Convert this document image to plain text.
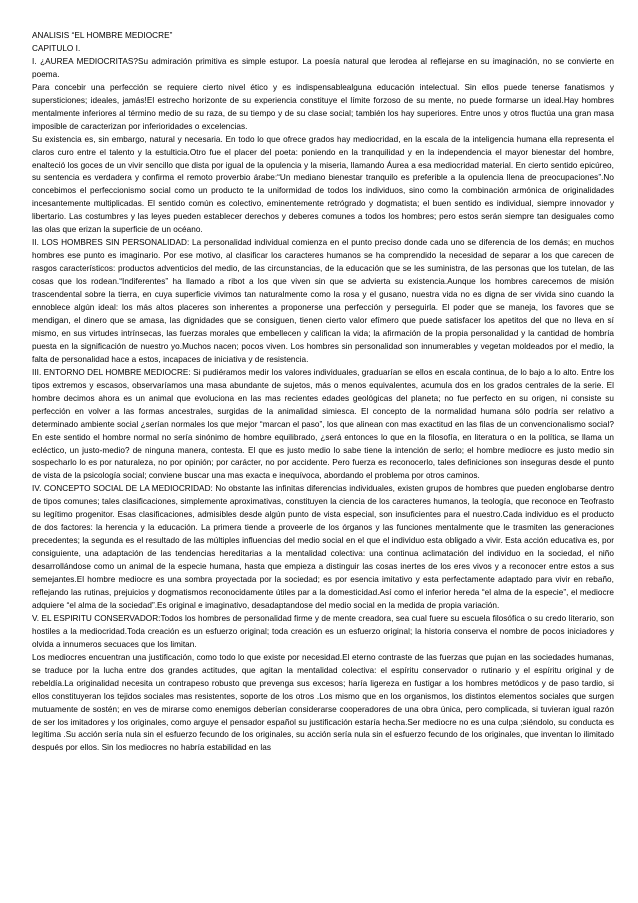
ANALISIS “EL HOMBRE MEDIOCRE”

CAPITULO I.

I. ¿AUREA MEDIOCRITAS?Su admiración primitiva es simple estupor. La poesía natural que lerodea al reflejarse en su imaginación, no se convierte en poema.

Para concebir una perfección se requiere cierto nivel ético y es indispensablealguna educación intelectual. Sin ellos puede tenerse fanatismos y supersticiones; ideales, jamás!El estrecho horizonte de su experiencia constituye el límite forzoso de su mente, no puede formarse un ideal.Hay hombres mentalmente inferiores al término medio de su raza, de su tiempo y de su clase social; también los hay superiores. Entre unos y otros fluctúa una gran masa imposible de caracterizan por inferioridades o excelencias.

Su existencia es, sin embargo, natural y necesaria. En todo lo que ofrece grados hay mediocridad, en la escala de la inteligencia humana ella representa el claros curo entre el talento y la estulticia.Otro fue el placer del poeta: poniendo en la tranquilidad y en la independencia el mayor bienestar del hombre, enalteció los goces de un vivir sencillo que dista por igual de la opulencia y la miseria, llamando Áurea a esa mediocridad material. En cierto sentido epicúreo, su sentencia es verdadera y confirma el remoto proverbio árabe:“Un mediano bienestar tranquilo es preferible a la opulencia llena de preocupaciones”.No concebimos el perfeccionismo social como un producto te la uniformidad de todos los individuos, sino como la combinación armónica de originalidades incesantemente multiplicadas. El sentido común es colectivo, eminentemente retrógrado y dogmatista; el buen sentido es individual, siempre innovador y libertario. Las costumbres y las leyes pueden establecer derechos y deberes comunes a todos los hombres; pero estos serán siempre tan desiguales como las olas que erizan la superficie de un océano.

II. LOS HOMBRES SIN PERSONALIDAD: La personalidad individual comienza en el punto preciso donde cada uno se diferencia de los demás; en muchos hombres ese punto es imaginario. Por ese motivo, al clasificar los caracteres humanos se ha comprendido la necesidad de separar a los que carecen de rasgos característicos: productos adventicios del medio, de las circunstancias, de la educación que se les suministra, de las personas que los tutelan, de las cosas que los rodean.“Indiferentes” ha llamado a ribot a los que viven sin que se advierta su existencia.Aunque los hombres carecemos de misión trascendental sobre la tierra, en cuya superficie vivimos tan naturalmente como la rosa y el gusano, nuestra vida no es digna de ser vivida sino cuando la ennoblece algún ideal: los más altos placeres son inherentes a proponerse una perfección y perseguirla. El poder que se maneja, los favores que se mendigan, el dinero que se amasa, las dignidades que se consiguen, tienen cierto valor efímero que puede satisfacer los apetitos del que no lleva en sí mismo, en sus virtudes intrínsecas, las fuerzas morales que embellecen y califican la vida; la afirmación de la propia personalidad y la cantidad de hombría puesta en la significación de nuestro yo.Muchos nacen; pocos viven. Los hombres sin personalidad son innumerables y vegetan moldeados por el medio, la falta de personalidad hace a estos, incapaces de iniciativa y de resistencia.

III. ENTORNO DEL HOMBRE MEDIOCRE: Si pudiéramos medir los valores individuales, graduarían se ellos en escala continua, de lo bajo a lo alto. Entre los tipos extremos y escasos, observaríamos una masa abundante de sujetos, más o menos equivalentes, acumula dos en los grados centrales de la serie. El hombre decimos ahora es un animal que evoluciona en las mas recientes edades geológicas del planeta; no fue perfecto en su origen, ni consiste su perfección en volver a las formas ancestrales, surgidas de la animalidad simiesca. El concepto de la normalidad humana sólo podría ser relativo a determinado ambiente social ¿serían normales los que mejor “marcan el paso”, los que alinean con mas exactitud en las filas de un convencionalismo social? En este sentido el hombre normal no sería sinónimo de hombre equilibrado, ¿será entonces lo que en la filosofía, en literatura o en la política, se llama un ecléctico, un justo-medio? de ninguna manera, contesta. El que es justo medio lo sabe tiene la intención de serlo; el hombre mediocre es justo medio sin sospecharlo lo es por naturaleza, no por opinión; por carácter, no por accidente. Pero fuerza es reconocerlo, tales definiciones son inseguras desde el punto de vista de la psicología social; conviene buscar una mas exacta e inequívoca, abordando el problema por otros caminos.

IV. CONCEPTO SOCIAL DE LA MEDIOCRIDAD: No obstante las infinitas diferencias individuales, existen grupos de hombres que pueden englobarse dentro de tipos comunes; tales clasificaciones, simplemente aproximativas, constituyen la ciencia de los caracteres humanos, la teología, que reconoce en Teofrasto su legítimo progenitor. Esas clasificaciones, admisibles desde algún punto de vista especial, son insuficientes para el nuestro.Cada individuo es el producto de dos factores: la herencia y la educación. La primera tiende a proveerle de los órganos y las funciones mentalmente que le trasmiten las generaciones precedentes; la segunda es el resultado de las múltiples influencias del medio social en el que el individuo esta obligado a vivir. Esta acción educativa es, por consiguiente, una adaptación de las tendencias hereditarias a la mentalidad colectiva: una continua aclimatación del individuo en la sociedad, el niño desarrollándose como un animal de la especie humana, hasta que empieza a distinguir las cosas inertes de los eres vivos y a reconocer entre estos a sus semejantes.El hombre mediocre es una sombra proyectada por la sociedad; es por esencia imitativo y esta perfectamente adaptado para vivir en rebaño, reflejando las rutinas, prejuicios y dogmatismos reconocidamente útiles par a la domesticidad.Así como el inferior hereda “el alma de la especie”, el mediocre adquiere “el alma de la sociedad”.Es original e imaginativo, desadaptandose del medio social en la medida de propia variación.

V. EL ESPIRITU CONSERVADOR:Todos los hombres de personalidad firme y de mente creadora, sea cual fuere su escuela filosófica o su credo literario, son hostiles a la mediocridad.Toda creación es un esfuerzo original; toda creación es un esfuerzo original; la historia conserva el nombre de pocos iniciadores y olvida a innumeros secuaces que los limitan.

Los mediocres encuentran una justificación, como todo lo que existe por necesidad.El eterno contraste de las fuerzas que pujan en las sociedades humanas, se traduce por la lucha entre dos grandes actitudes, que agitan la mentalidad colectiva: el espíritu conservador o rutinario y el espíritu original y de rebeldía.La originalidad necesita un contrapeso robusto que prevenga sus excesos; haría ligereza en fustigar a los hombres metódicos y de paso tardio, si ellos constituyeran los tejidos sociales mas resistentes, soporte de los otros .Los mismo que en los organismos, los distintos elementos sociales que surgen mutuamente de sostén; en ves de mirarse como enemigos deberían considerarse cooperadores de una obra única, pero complicada, si tuvieran igual razón de ser los imitadores y los originales, como arguye el pensador español su justificación estaría hecha.Ser mediocre no es una culpa ;siéndolo, su conducta es legítima .Su acción sería nula sin el esfuerzo fecundo de los originales, su acción sería nula sin el esfuerzo fecundo de los originales, que inventan lo ilimitado después por ellos. Sin los mediocres no habría estabilidad en las
